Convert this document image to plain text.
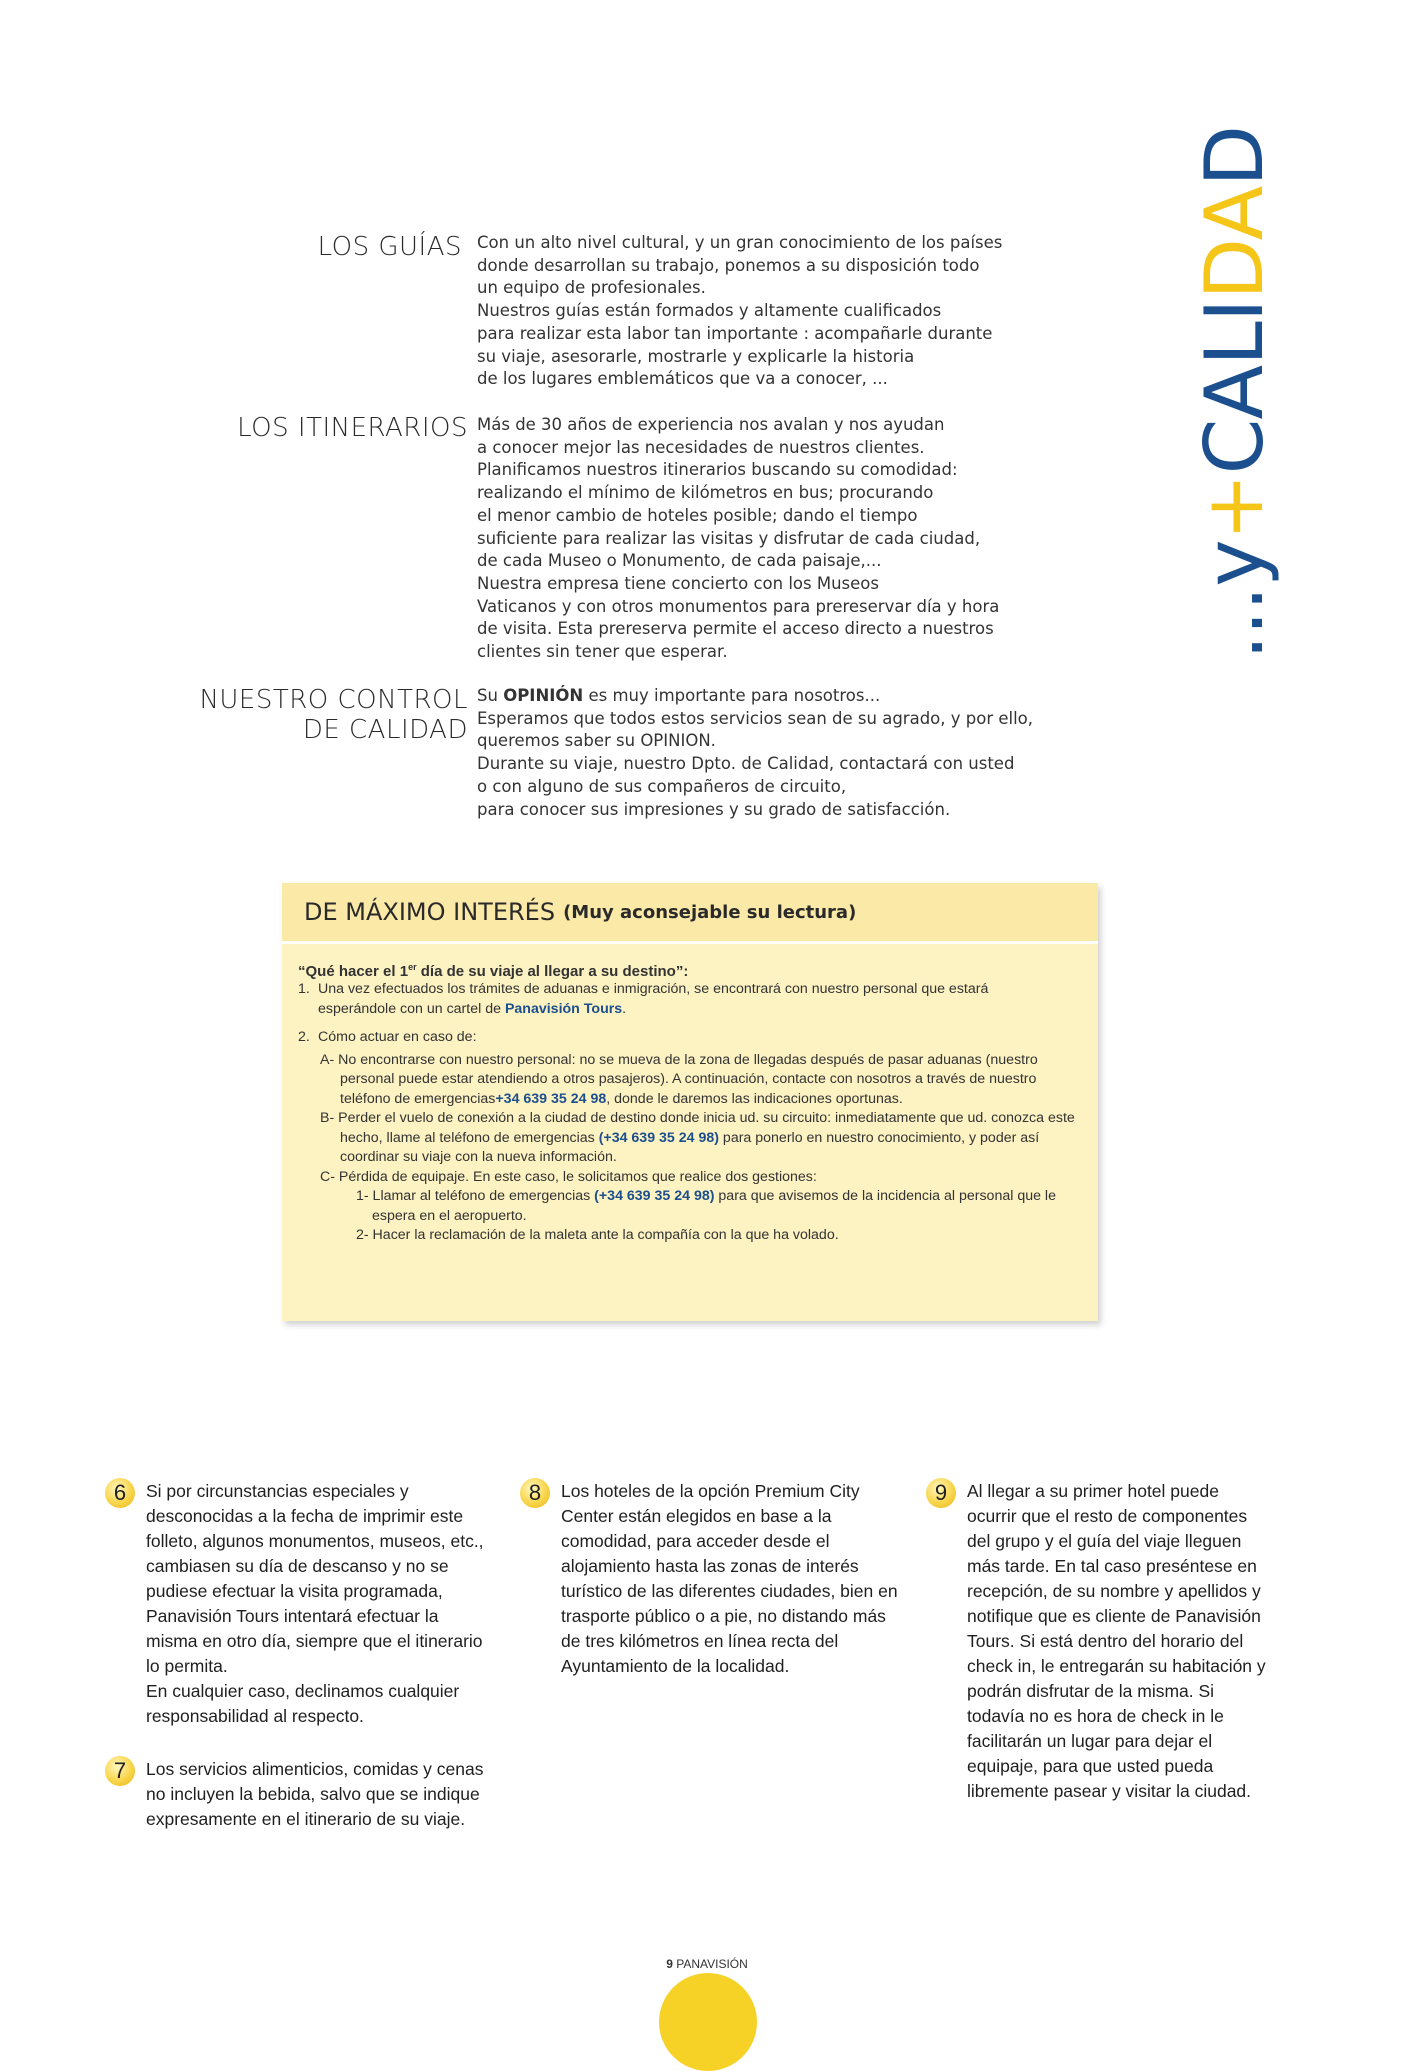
LOS GUÍAS Con un alto nivel cultural, y un gran conocimiento de los países

donde desarrollan su trabajo, ponemos a su disposición todo

un equipo de profesionales.

Nuestros guías están formados y altamente cualificados

para realizar esta labor tan importante : acompañarle durante

su viaje, asesorarle, mostrarle y explicarle la historia

de los lugares emblemáticos que va a conocer, ...

LOS ITINERARIOS Más de 30 años de experiencia nos avalan y nos ayudan

a conocer mejor las necesidades de nuestros clientes.

Planificamos nuestros itinerarios buscando su comodidad:

realizando el mínimo de kilómetros en bus; procurando

el menor cambio de hoteles posible; dando el tiempo

suficiente para realizar las visitas y disfrutar de cada ciudad,

de cada Museo o Monumento, de cada paisaje,...

Nuestra empresa tiene concierto con los Museos

Vaticanos y con otros monumentos para prereservar día y hora

de visita. Esta prereserva permite el acceso directo a nuestros

clientes sin tener que esperar.

NUESTRO CONTROL
DE CALIDAD

Su OPINIÓN es muy importante para nosotros...

Esperamos que todos estos servicios sean de su agrado, y por ello,

queremos saber su OPINION.

Durante su viaje, nuestro Dpto. de Calidad, contactará con usted

o con alguno de sus compañeros de circuito,

para conocer sus impresiones y su grado de satisfacción.

...y+CALIDAD
DE MÁXIMO INTERÉS (Muy aconsejable su lectura)

“Qué hacer el 1er día de su viaje al llegar a su destino”:

1. Una vez efectuados los trámites de aduanas e inmigración, se encontrará con nuestro personal que estará

esperándole con un cartel de Panavisión Tours.

2. Cómo actuar en caso de:

A- No encontrarse con nuestro personal: no se mueva de la zona de llegadas después de pasar aduanas (nuestro personal puede estar atendiendo a otros pasajeros). A continuación, contacte con nosotros a través de nuestro teléfono de emergencias+34 639 35 24 98, donde le daremos las indicaciones oportunas.

B- Perder el vuelo de conexión a la ciudad de destino donde inicia ud. su circuito: inmediatamente que ud. conozca este hecho, llame al teléfono de emergencias (+34 639 35 24 98) para ponerlo en nuestro conocimiento, y poder así coordinar su viaje con la nueva información.

C- Pérdida de equipaje. En este caso, le solicitamos que realice dos gestiones:

1- Llamar al teléfono de emergencias (+34 639 35 24 98) para que avisemos de la incidencia al personal que le espera en el aeropuerto.

2- Hacer la reclamación de la maleta ante la compañía con la que ha volado.

6	Si por circunstancias especiales y desconocidas a la fecha de imprimir este folleto, algunos monumentos, museos, etc., cambiasen su día de descanso y no se pudiese efectuar la visita programada, Panavisión Tours intentará efectuar la misma en otro día, siempre que el itinerario lo permita.

En cualquier caso, declinamos cualquier responsabilidad al respecto.

7	Los servicios alimenticios, comidas y cenas no incluyen la bebida, salvo que se indique expresamente en el itinerario de su viaje.

8	Los hoteles de la opción Premium City Center están elegidos en base a la comodidad, para acceder desde el alojamiento hasta las zonas de interés turístico de las diferentes ciudades, bien en trasporte público o a pie, no distando más de tres kilómetros en línea recta del Ayuntamiento de la localidad.

9	Al llegar a su primer hotel puede ocurrir que el resto de componentes del grupo y el guía del viaje lleguen más tarde. En tal caso preséntese en recepción, de su nombre y apellidos y notifique que es cliente de Panavisión Tours. Si está dentro del horario del check in, le entregarán su habitación y podrán disfrutar de la misma. Si todavía no es hora de check in le facilitarán un lugar para dejar el equipaje, para que usted pueda libremente pasear y visitar la ciudad.

9 PANAVISIÓN
